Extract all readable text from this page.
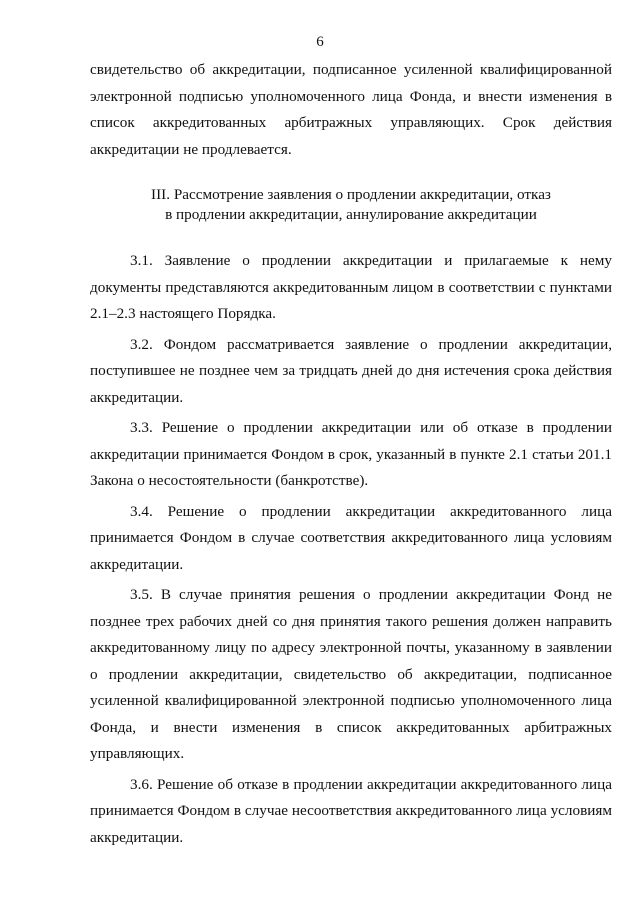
6

свидетельство об аккредитации, подписанное усиленной квалифицированной электронной подписью уполномоченного лица Фонда, и внести изменения в список аккредитованных арбитражных управляющих. Срок действия аккредитации не продлевается.

III. Рассмотрение заявления о продлении аккредитации, отказ
в продлении аккредитации, аннулирование аккредитации

3.1. Заявление о продлении аккредитации и прилагаемые к нему документы представляются аккредитованным лицом в соответствии с пунктами 2.1–2.3 настоящего Порядка.

3.2. Фондом рассматривается заявление о продлении аккредитации, поступившее не позднее чем за тридцать дней до дня истечения срока действия аккредитации.

3.3. Решение о продлении аккредитации или об отказе в продлении аккредитации принимается Фондом в срок, указанный в пункте 2.1 статьи 201.1 Закона о несостоятельности (банкротстве).

3.4. Решение о продлении аккредитации аккредитованного лица принимается Фондом в случае соответствия аккредитованного лица условиям аккредитации.

3.5. В случае принятия решения о продлении аккредитации Фонд не позднее трех рабочих дней со дня принятия такого решения должен направить аккредитованному лицу по адресу электронной почты, указанному в заявлении о продлении аккредитации, свидетельство об аккредитации, подписанное усиленной квалифицированной электронной подписью уполномоченного лица Фонда, и внести изменения в список аккредитованных арбитражных управляющих.

3.6. Решение об отказе в продлении аккредитации аккредитованного лица принимается Фондом в случае несоответствия аккредитованного лица условиям аккредитации.
